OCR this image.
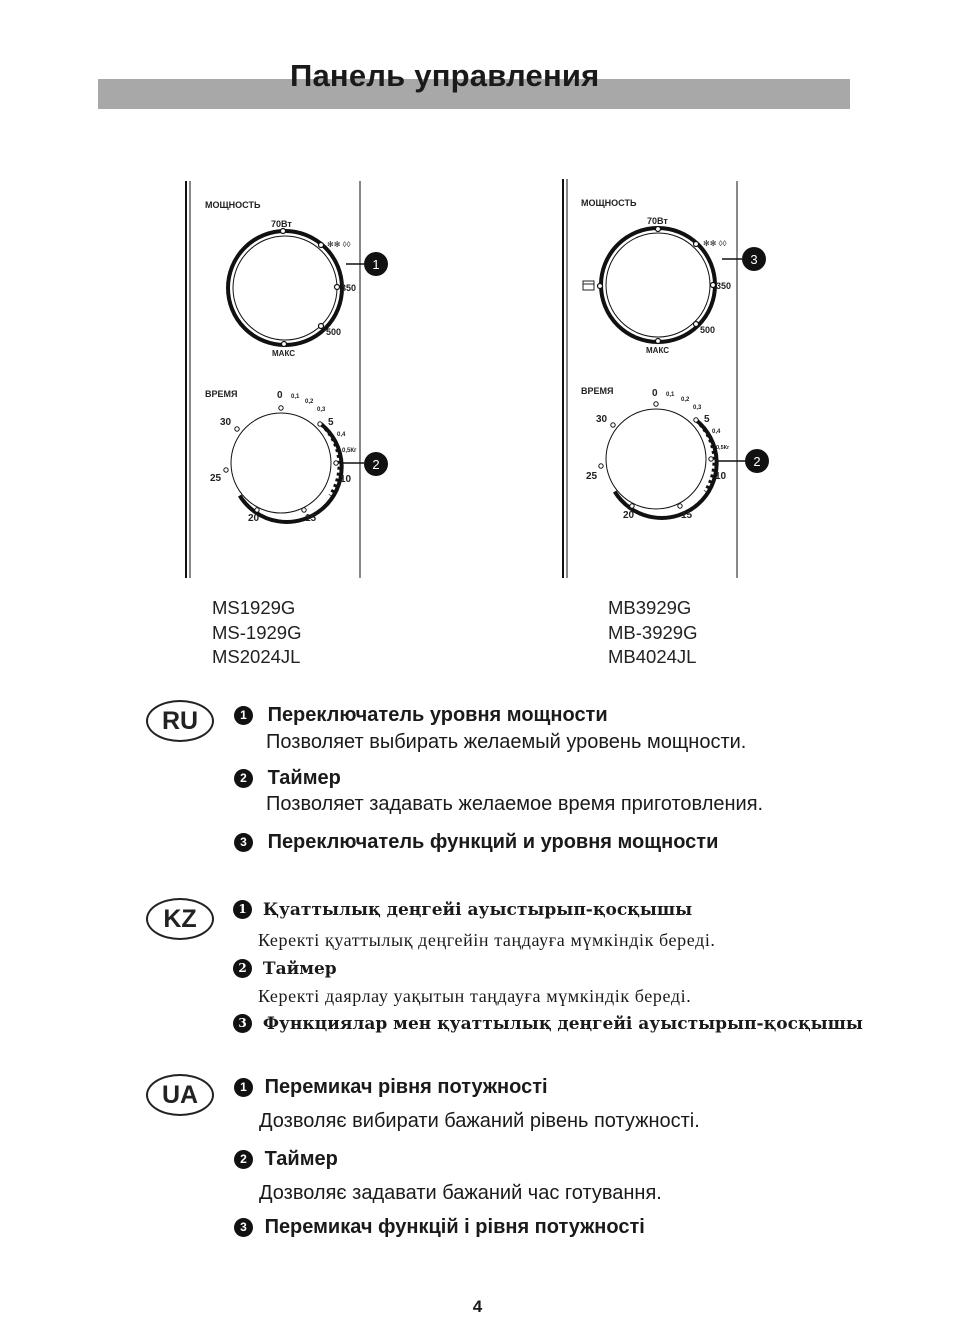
Панель управления
МОЩНОСТЬ
70Вт
✻✻ ◊◊
350
500
МАКС
1
ВРЕМЯ	0 0,1
0,2
0,3
5
0,4
0,5Кг
10
15
20
25
30
2
МОЩНОСТЬ
70Вт
✻✻ ◊◊
350
500
МАКС
3
ВРЕМЯ	0 0,1
0,2
0,3
5
0,4
0,5Кг
10
15
20
25
30
2
MS1929G
MS-1929G
MS2024JL
MB3929G
MB-3929G
MB4024JL
RU	1 Переключатель уровня мощности
Позволяет выбирать желаемый уровень мощности.
2 Таймер
Позволяет задавать желаемое время приготовления.
3 Переключатель функций и уровня мощности
KZ	1 Қуаттылық деңгейі ауыстырып-қосқышы
Керекті қуаттылық деңгейін таңдауға мүмкіндік береді.
2 Таймер
Керекті даярлау уақытын таңдауға мүмкіндік береді.
3 Функциялар мен қуаттылық деңгейі ауыстырып-қосқышы
UA	1 Перемикач рівня потужності
Дозволяє вибирати бажаний рівень потужності.
2 Таймер
Дозволяє задавати бажаний час готування.
3 Перемикач функцій і рівня потужності
4
